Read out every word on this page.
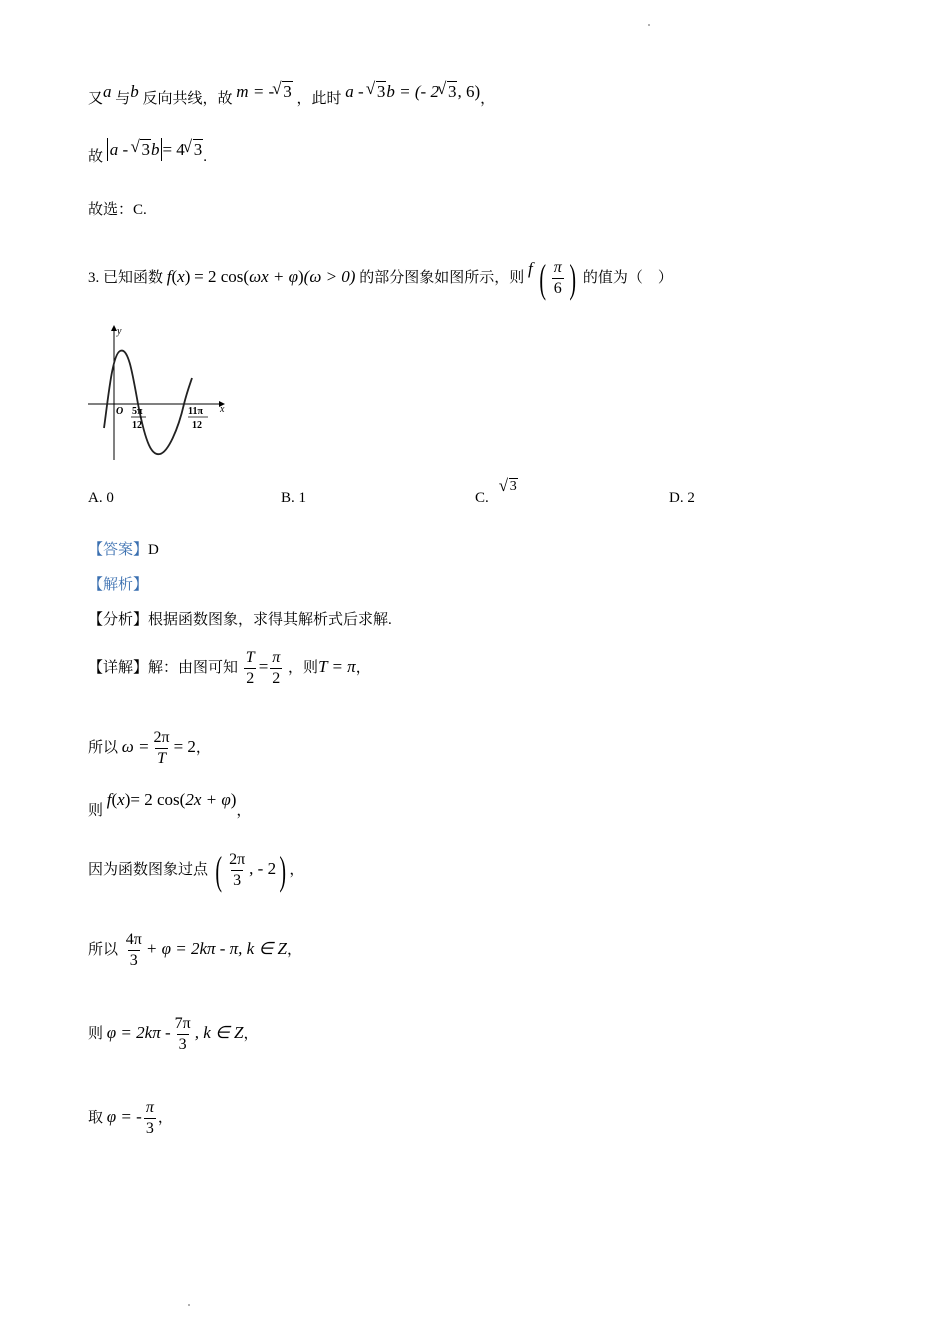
又a 与b 反向共线，故 m = - √ 3 ，此时 a - √ 3b = (- 2 √ 3, 6)，
故 a - √ 3b = 4 √ 3.
故选：C.
3. 已知函数 f(x) = 2 cos(ωx + φ)(ω > 0) 的部分图象如图所示，则 f ( $\frac{\pi}{6}$ ) 的值为（　）
y
x
O 5π
12
11π
12
A. 0	B. 1	C.√ 3
D. 2
【答案】D
【解析】
【分析】根据函数图象，求得其解析式后求解.
【详解】解：由图可知 $\frac{T}{2} = \frac{\pi}{2}$ ，则T = π，
所以 $\omega = \frac{2\pi}{T} = 2$，
则 f(x)= 2 cos(2x + φ)，
因为函数图象过点 ( $\frac{2\pi}{3}$ , - 2) ，
所以 $\frac{4\pi}{3} + \varphi = 2k\pi - \pi$, k ∈ Z，
则 $\varphi = 2k\pi - \frac{7\pi}{3}$ , k ∈ Z，
取 φ = - $\frac{\pi}{3}$ ，
